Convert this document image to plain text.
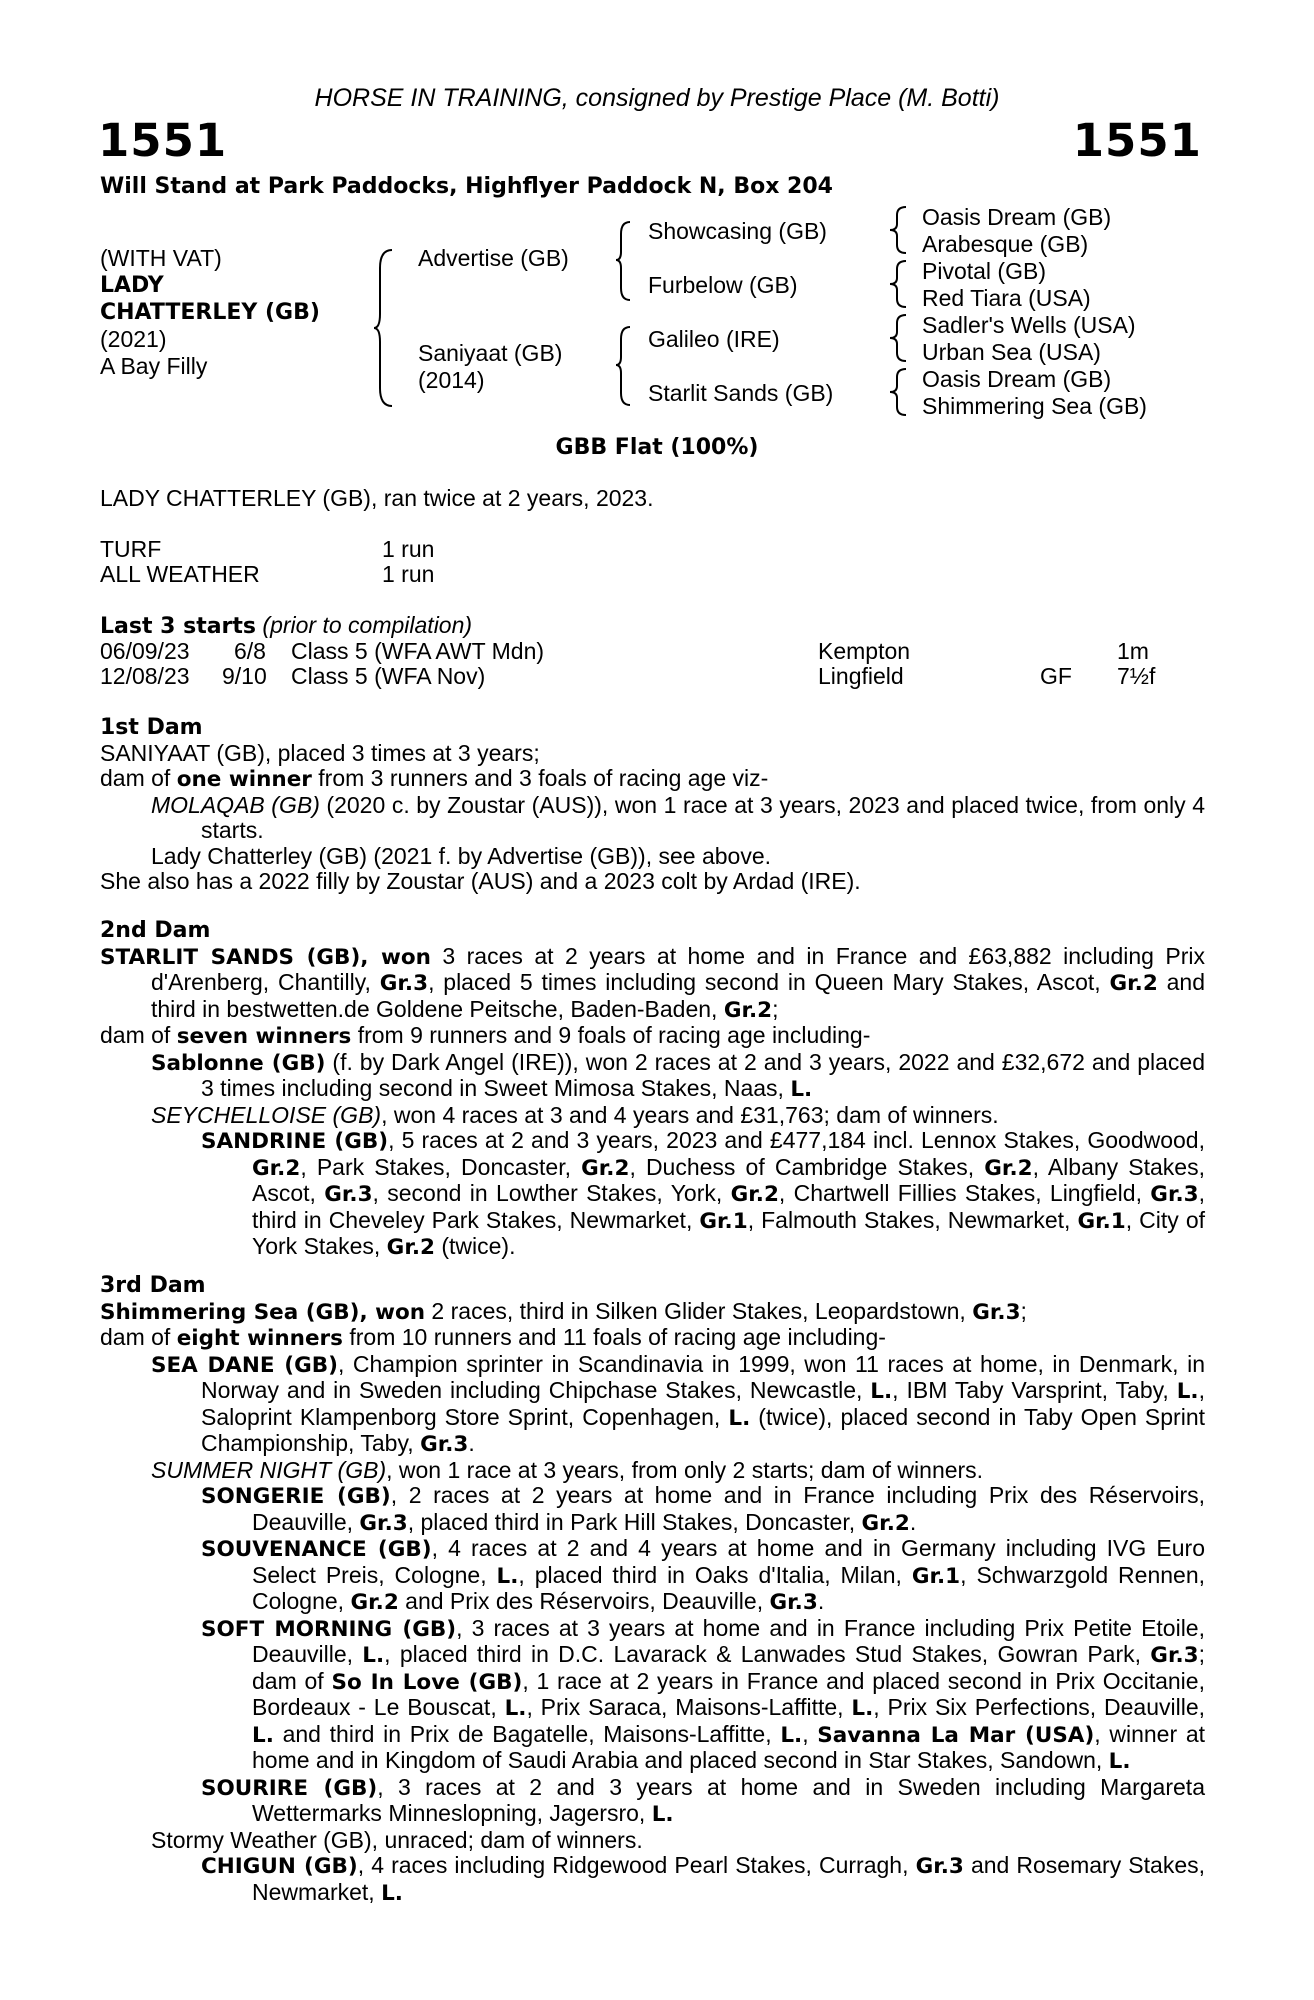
HORSE IN TRAINING, consigned by Prestige Place (M. Botti)
1551	1551
Will Stand at Park Paddocks, Highflyer Paddock N, Box 204
(WITH VAT)
LADY
CHATTERLEY (GB)
(2021)
A Bay Filly
Advertise (GB)
Saniyaat (GB)
(2014)
Showcasing (GB)
Furbelow (GB)
Galileo (IRE)
Starlit Sands (GB)
Oasis Dream (GB)
Arabesque (GB)
Pivotal (GB)
Red Tiara (USA)
Sadler's Wells (USA)
Urban Sea (USA)
Oasis Dream (GB)
Shimmering Sea (GB)
GBB Flat (100%)
LADY CHATTERLEY (GB), ran twice at 2 years, 2023.
TURF	1 run
ALL WEATHER	1 run
Last 3 starts (prior to compilation)
06/09/23 6/8 Class 5 (WFA AWT Mdn)	Kempton	1m
12/08/23 9/10 Class 5 (WFA Nov)	Lingfield	GF 7½f

1st Dam

SANIYAAT (GB), placed 3 times at 3 years;

dam of one winner from 3 runners and 3 foals of racing age viz-

MOLAQAB (GB) (2020 c. by Zoustar (AUS)), won 1 race at 3 years, 2023 and placed twice, from only 4 starts.

Lady Chatterley (GB) (2021 f. by Advertise (GB)), see above.

She also has a 2022 filly by Zoustar (AUS) and a 2023 colt by Ardad (IRE).

2nd Dam

STARLIT SANDS (GB), won 3 races at 2 years at home and in France and £63,882 including Prix d'Arenberg, Chantilly, Gr.3, placed 5 times including second in Queen Mary Stakes, Ascot, Gr.2 and third in bestwetten.de Goldene Peitsche, Baden-Baden, Gr.2;

dam of seven winners from 9 runners and 9 foals of racing age including-

Sablonne (GB) (f. by Dark Angel (IRE)), won 2 races at 2 and 3 years, 2022 and £32,672 and placed 3 times including second in Sweet Mimosa Stakes, Naas, L.

SEYCHELLOISE (GB), won 4 races at 3 and 4 years and £31,763; dam of winners.

SANDRINE (GB), 5 races at 2 and 3 years, 2023 and £477,184 incl. Lennox Stakes, Goodwood, Gr.2, Park Stakes, Doncaster, Gr.2, Duchess of Cambridge Stakes, Gr.2, Albany Stakes, Ascot, Gr.3, second in Lowther Stakes, York, Gr.2, Chartwell Fillies Stakes, Lingfield, Gr.3, third in Cheveley Park Stakes, Newmarket, Gr.1, Falmouth Stakes, Newmarket, Gr.1, City of York Stakes, Gr.2 (twice).

3rd Dam

Shimmering Sea (GB), won 2 races, third in Silken Glider Stakes, Leopardstown, Gr.3;

dam of eight winners from 10 runners and 11 foals of racing age including-

SEA DANE (GB), Champion sprinter in Scandinavia in 1999, won 11 races at home, in Denmark, in Norway and in Sweden including Chipchase Stakes, Newcastle, L., IBM Taby Varsprint, Taby, L., Saloprint Klampenborg Store Sprint, Copenhagen, L. (twice), placed second in Taby Open Sprint Championship, Taby, Gr.3.

SUMMER NIGHT (GB), won 1 race at 3 years, from only 2 starts; dam of winners.

SONGERIE (GB), 2 races at 2 years at home and in France including Prix des Réservoirs, Deauville, Gr.3, placed third in Park Hill Stakes, Doncaster, Gr.2.

SOUVENANCE (GB), 4 races at 2 and 4 years at home and in Germany including IVG Euro Select Preis, Cologne, L., placed third in Oaks d'Italia, Milan, Gr.1, Schwarzgold Rennen, Cologne, Gr.2 and Prix des Réservoirs, Deauville, Gr.3.

SOFT MORNING (GB), 3 races at 3 years at home and in France including Prix Petite Etoile, Deauville, L., placed third in D.C. Lavarack & Lanwades Stud Stakes, Gowran Park, Gr.3; dam of So In Love (GB), 1 race at 2 years in France and placed second in Prix Occitanie, Bordeaux - Le Bouscat, L., Prix Saraca, Maisons-Laffitte, L., Prix Six Perfections, Deauville, L. and third in Prix de Bagatelle, Maisons-Laffitte, L., Savanna La Mar (USA), winner at home and in Kingdom of Saudi Arabia and placed second in Star Stakes, Sandown, L.

SOURIRE (GB), 3 races at 2 and 3 years at home and in Sweden including Margareta Wettermarks Minneslopning, Jagersro, L.

Stormy Weather (GB), unraced; dam of winners.

CHIGUN (GB), 4 races including Ridgewood Pearl Stakes, Curragh, Gr.3 and Rosemary Stakes, Newmarket, L.
